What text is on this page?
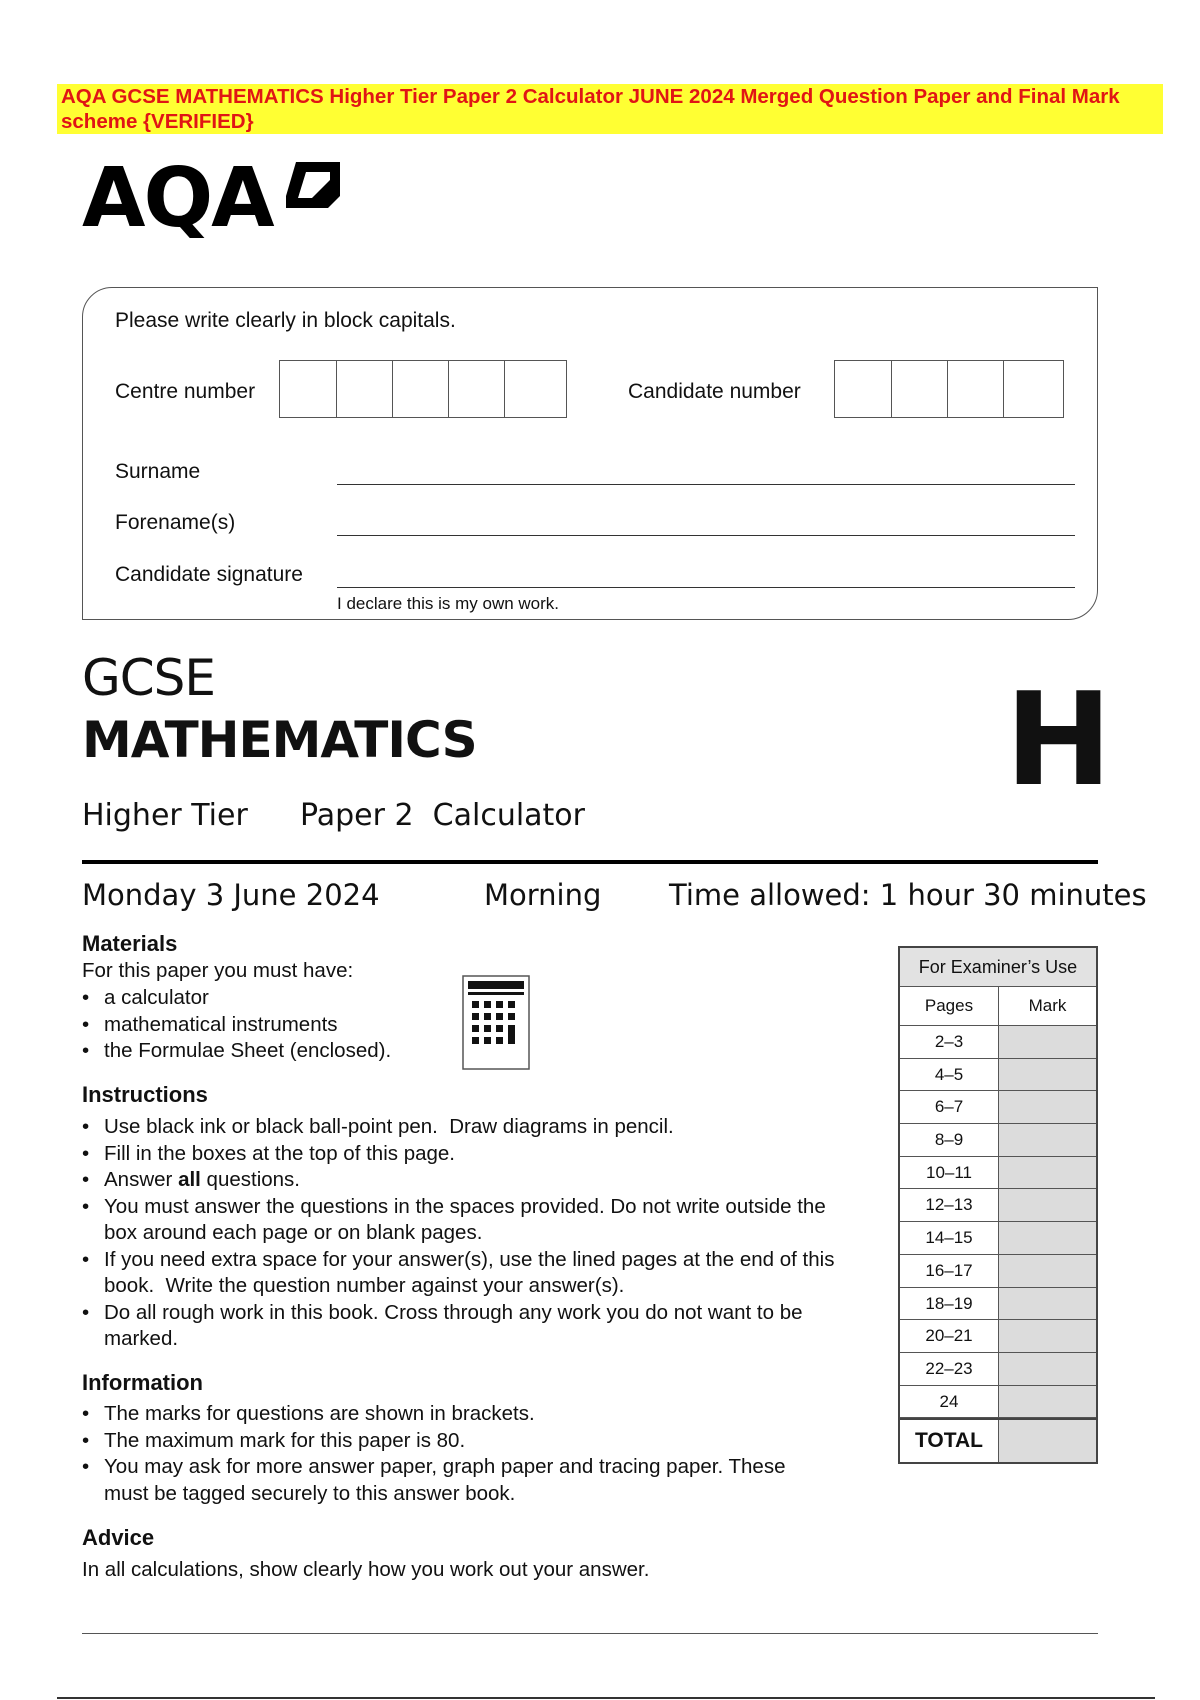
AQA GCSE MATHEMATICS Higher Tier Paper 2 Calculator JUNE 2024 Merged Question Paper and Final Mark scheme {VERIFIED}
AQA
Please write clearly in block capitals.
Centre number	Candidate number
Surname
Forename(s)
Candidate signature
I declare this is my own work.
GCSE
MATHEMATICS	H
Higher Tier Paper 2  Calculator
Monday 3 June 2024	Morning Time allowed: 1 hour 30 minutes
Materials
For this paper you must have:
• a calculator
• mathematical instruments
• the Formulae Sheet (enclosed).
Instructions
• Use black ink or black ball-point pen.  Draw diagrams in pencil.
• Fill in the boxes at the top of this page.
• Answer all questions.
• You must answer the questions in the spaces provided. Do not write outside the box around each page or on blank pages.
• If you need extra space for your answer(s), use the lined pages at the end of this book.  Write the question number against your answer(s).
• Do all rough work in this book. Cross through any work you do not want to be marked.
Information
• The marks for questions are shown in brackets.
• The maximum mark for this paper is 80.
• You may ask for more answer paper, graph paper and tracing paper. These must be tagged securely to this answer book.
Advice
In all calculations, show clearly how you work out your answer.
For Examiner’s Use
Pages	Mark
2–3
4–5
6–7
8–9
10–11
12–13
14–15
16–17
18–19
20–21
22–23
24
TOTAL
